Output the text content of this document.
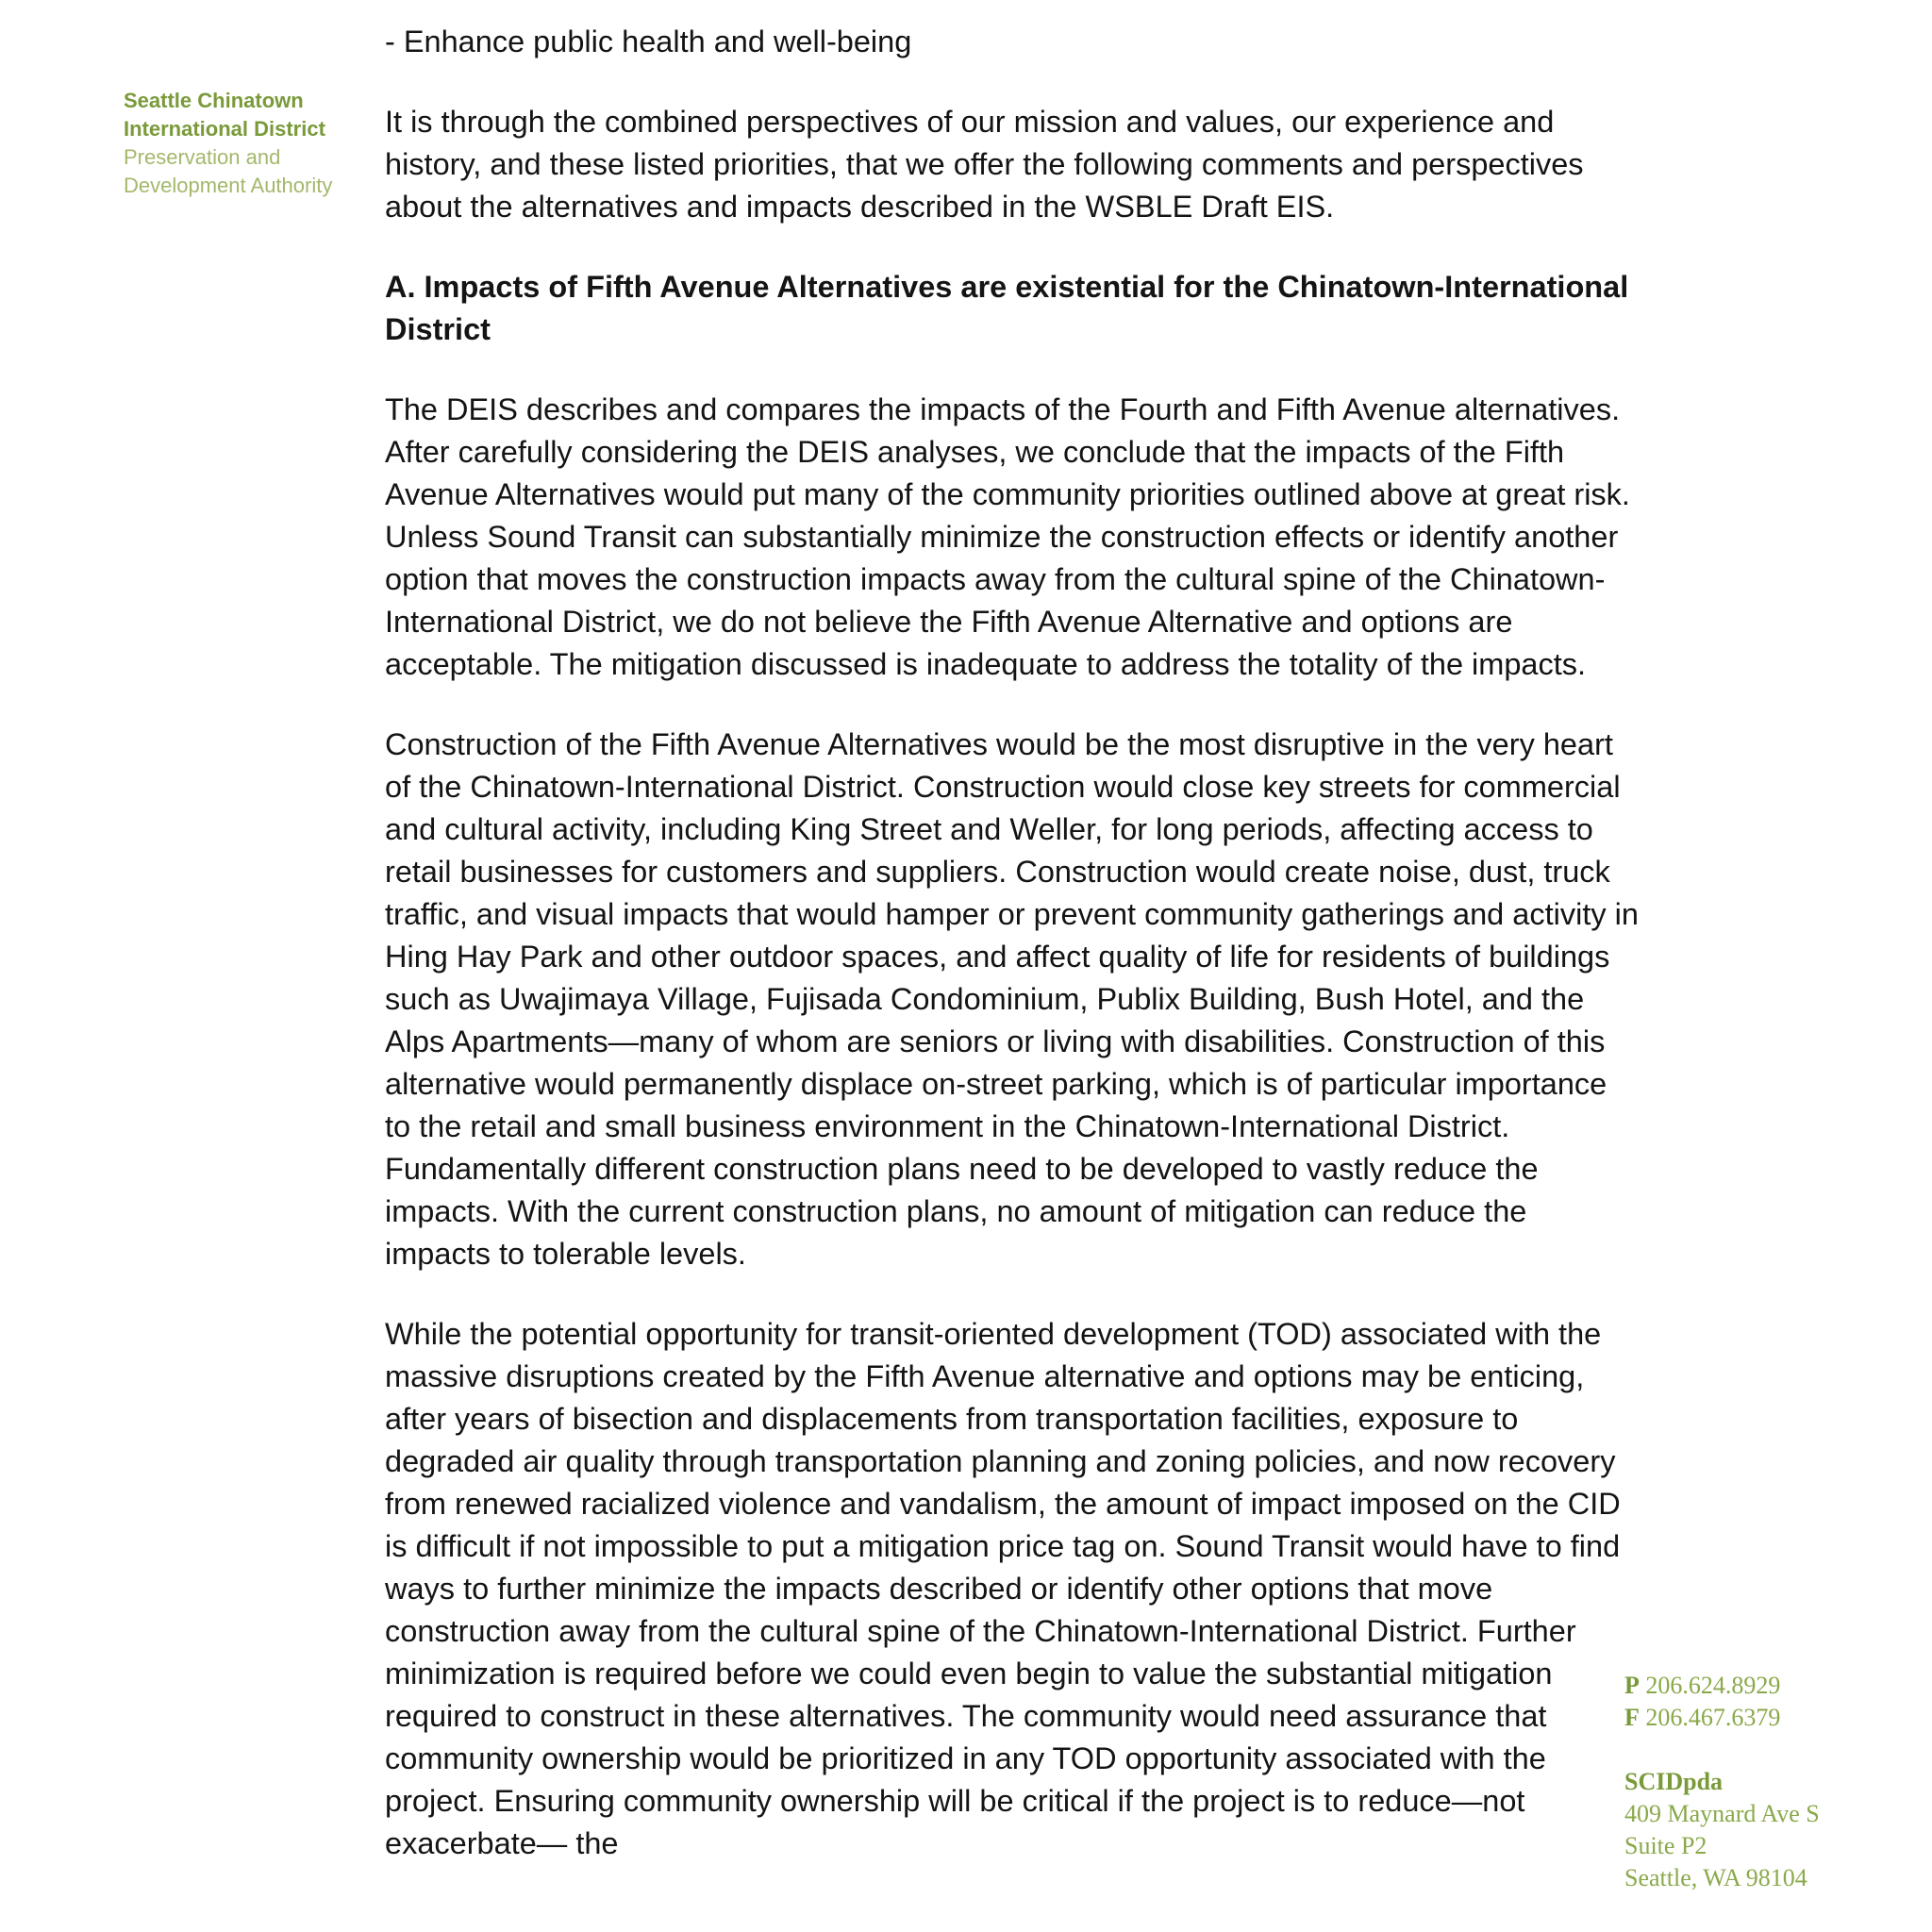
Seattle Chinatown
International District
Preservation and
Development Authority

- Enhance public health and well-being

It is through the combined perspectives of our mission and values, our experience and history, and these listed priorities, that we offer the following comments and perspectives about the alternatives and impacts described in the WSBLE Draft EIS.

A. Impacts of Fifth Avenue Alternatives are existential for the Chinatown-International District

The DEIS describes and compares the impacts of the Fourth and Fifth Avenue alternatives. After carefully considering the DEIS analyses, we conclude that the impacts of the Fifth Avenue Alternatives would put many of the community priorities outlined above at great risk. Unless Sound Transit can substantially minimize the construction effects or identify another option that moves the construction impacts away from the cultural spine of the Chinatown-International District, we do not believe the Fifth Avenue Alternative and options are acceptable. The mitigation discussed is inadequate to address the totality of the impacts.

Construction of the Fifth Avenue Alternatives would be the most disruptive in the very heart of the Chinatown-International District. Construction would close key streets for commercial and cultural activity, including King Street and Weller, for long periods, affecting access to retail businesses for customers and suppliers. Construction would create noise, dust, truck traffic, and visual impacts that would hamper or prevent community gatherings and activity in Hing Hay Park and other outdoor spaces, and affect quality of life for residents of buildings such as Uwajimaya Village, Fujisada Condominium, Publix Building, Bush Hotel, and the Alps Apartments—many of whom are seniors or living with disabilities. Construction of this alternative would permanently displace on-street parking, which is of particular importance to the retail and small business environment in the Chinatown-International District. Fundamentally different construction plans need to be developed to vastly reduce the impacts. With the current construction plans, no amount of mitigation can reduce the impacts to tolerable levels.

While the potential opportunity for transit-oriented development (TOD) associated with the massive disruptions created by the Fifth Avenue alternative and options may be enticing, after years of bisection and displacements from transportation facilities, exposure to degraded air quality through transportation planning and zoning policies, and now recovery from renewed racialized violence and vandalism, the amount of impact imposed on the CID is difficult if not impossible to put a mitigation price tag on. Sound Transit would have to find ways to further minimize the impacts described or identify other options that move construction away from the cultural spine of the Chinatown-International District. Further minimization is required before we could even begin to value the substantial mitigation required to construct in these alternatives. The community would need assurance that community ownership would be prioritized in any TOD opportunity associated with the project. Ensuring community ownership will be critical if the project is to reduce—not exacerbate— the

P 206.624.8929
F 206.467.6379
SCIDpda
409 Maynard Ave S
Suite P2
Seattle, WA 98104
